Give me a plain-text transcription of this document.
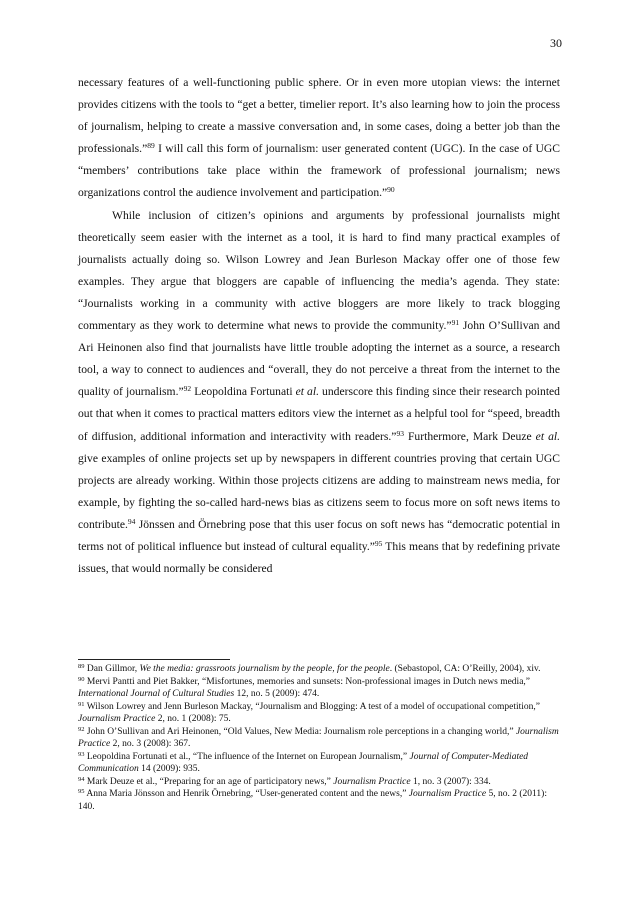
30

necessary features of a well-functioning public sphere. Or in even more utopian views: the internet provides citizens with the tools to “get a better, timelier report. It’s also learning how to join the process of journalism, helping to create a massive conversation and, in some cases, doing a better job than the professionals.”$^{89}$ I will call this form of journalism: user generated content (UGC). In the case of UGC “members’ contributions take place within the framework of professional journalism; news organizations control the audience involvement and participation.”$^{90}$

While inclusion of citizen’s opinions and arguments by professional journalists might theoretically seem easier with the internet as a tool, it is hard to find many practical examples of journalists actually doing so. Wilson Lowrey and Jean Burleson Mackay offer one of those few examples. They argue that bloggers are capable of influencing the media’s agenda. They state: “Journalists working in a community with active bloggers are more likely to track blogging commentary as they work to determine what news to provide the community.”$^{91}$ John O’Sullivan and Ari Heinonen also find that journalists have little trouble adopting the internet as a source, a research tool, a way to connect to audiences and “overall, they do not perceive a threat from the internet to the quality of journalism.”$^{92}$ Leopoldina Fortunati et al. underscore this finding since their research pointed out that when it comes to practical matters editors view the internet as a helpful tool for “speed, breadth of diffusion, additional information and interactivity with readers.”$^{93}$ Furthermore, Mark Deuze et al. give examples of online projects set up by newspapers in different countries proving that certain UGC projects are already working. Within those projects citizens are adding to mainstream news media, for example, by fighting the so-called hard-news bias as citizens seem to focus more on soft news items to contribute.$^{94}$ Jönssen and Örnebring pose that this user focus on soft news has “democratic potential in terms not of political influence but instead of cultural equality.”$^{95}$ This means that by redefining private issues, that would normally be considered

$^{89}$ Dan Gillmor, We the media: grassroots journalism by the people, for the people. (Sebastopol, CA: O’Reilly, 2004), xiv.

$^{90}$ Mervi Pantti and Piet Bakker, “Misfortunes, memories and sunsets: Non-professional images in Dutch news media,” International Journal of Cultural Studies 12, no. 5 (2009): 474.

$^{91}$ Wilson Lowrey and Jenn Burleson Mackay, “Journalism and Blogging: A test of a model of occupational competition,” Journalism Practice 2, no. 1 (2008): 75.

$^{92}$ John O’Sullivan and Ari Heinonen, “Old Values, New Media: Journalism role perceptions in a changing world,” Journalism Practice 2, no. 3 (2008): 367.

$^{93}$ Leopoldina Fortunati et al., “The influence of the Internet on European Journalism,” Journal of Computer-Mediated Communication 14 (2009): 935.

$^{94}$ Mark Deuze et al., “Preparing for an age of participatory news,” Journalism Practice 1, no. 3 (2007): 334.

$^{95}$ Anna Maria Jönsson and Henrik Örnebring, “User-generated content and the news,” Journalism Practice 5, no. 2 (2011): 140.
